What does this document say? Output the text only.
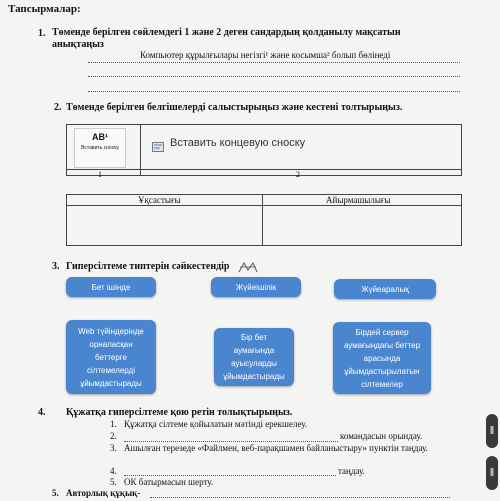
Тапсырмалар:
1. Төменде берілген сөйлемдегі 1 және 2 деген сандардың қолданылу мақсатын анықтаңыз
Компьютер құрылғылары негізгі¹ және косымша² болып бөлінеді
2. Төменде берілген белгішелерді салыстырыңыз және кестені толтырыңыз.
AB¹
Вставить сноску	Вставить концевую сноску
1	2
Ұқсастығы	Айырмашылығы
3. Гиперсілтеме типтерін сәйкестендір
Бет ішінде	Жүйеішілік	Жүйеаралық
Web түйіндерінде
орналасқан
беттерге
сілтемелерді
ұйымдастырады
Бір бет
аумағында
ауысуларды
ұйымдастырады
Бірдей сервер
аумағындағы беттер
арасында
ұйымдастырылатын
сілтемелер
4. Құжатқа гиперсілтеме қою ретін толықтырыңыз.
1. Құжатқа сілтеме қойылатын мәтінді ерекшелеу.
2.	командасын орындау.
3. Ашылған терезеде «Файлмен, веб-парақшамен байланыстыру» пунктін таңдау.
4.	таңдау.
5. ОК батырмасын шерту.
5. Авторлық құқық-
‖
‖
